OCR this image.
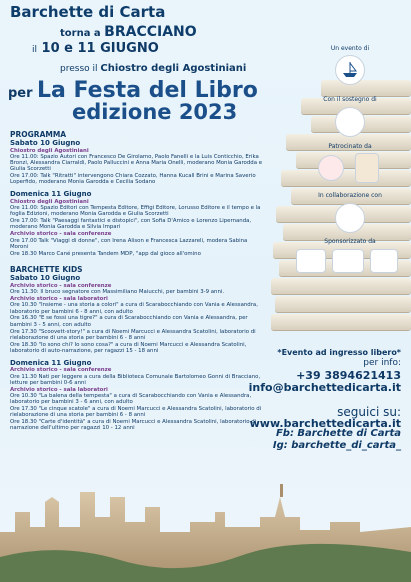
Barchette di Carta
torna a BRACCIANO
il 10 e 11 GIUGNO
presso il Chiostro degli Agostiniani
per La Festa del Libro
edizione 2023
PROGRAMMA
Sabato 10 Giugno
Chiostro degli Agostiniani
Ore 11.00: Spazio Autori con Francesco De Girolamo, Paolo Fanelli e la Luis Conticchio, Erika Bronzi, Alessandra Ciarraldi, Paolo Palluccini e Anna Maria Onelli, moderano Monia Garodda e Giulia Scorzetti
Ore 17.00: Talk "Ritratti" intervengono Chiara Cozzato, Hanna Kucall Brini e Marina Saverio Loperfido, moderano Monia Garodda e Cecilia Sodano
Domenica 11 Giugno
Chiostro degli Agostiniani
Ore 11.00: Spazio Editori con Tempesta Editore, Effigi Editore, Lorusso Editore e il tempo e la foglia Edizioni, moderano Monia Garodda e Giulia Scorzetti
Ore 17.00: Talk "Paesaggi fantastici e distopici", con Sofia D'Amico e Lorenzo Lipernanda, moderano Monia Garodda e Silvia Impari
Archivio storico - sala conferenze
Ore 17.00 Talk "Viaggi di donne", con Irena Alison e Francesca Lazzareli, modera Sabina Moroni
Ore 18.30 Marco Cané presenta Tandem MDP, "app dal gioco all'omino
BARCHETTE KIDS
Sabato 10 Giugno
Archivio storico - sala conferenze
Ore 11.30: Il bruco segnatore con Massimiliano Maiucchi, per bambini 3-9 anni.
Archivio storico - sala laboratori
Ore 10.30 "Insieme - una storia a colori" a cura di Scarabocchiando con Vania e Alessandra, laboratorio per bambini 6 - 8 anni, con adulto
Ore 16.30 "E se fossi una tigre?" a cura di Scarabocchiando con Vania e Alessandra, per bambini 3 - 5 anni, con adulto
Ore 17.30 "Scoovett-story!" a cura di Noemi Marcucci e Alessandra Scatolini, laboratorio di rielaborazione di una storia per bambini 6 - 8 anni
Ore 18.30 "Io sono chi? Io sono cosa?" a cura di Noemi Marcucci e Alessandra Scatolini, laboratorio di auto-narrazione, per ragazzi 15 - 18 anni
Domenica 11 Giugno
Archivio storico - sala conferenze
Ore 11.30 Nati per leggere a cura della Biblioteca Comunale Bartolomeo Gonni di Bracciano, letture per bambini 0-6 anni
Archivio storico - sala laboratori
Ore 10.30 "La balena della tempesta" a cura di Scarabocchiando con Vania e Alessandra, laboratorio per bambini 3 - 6 anni, con adulto
Ore 17.30 "Le cinque scatole" a cura di Noemi Marcucci e Alessandra Scatolini, laboratorio di rielaborazione di una storia per bambini 6 - 8 anni
Ore 18.30 "Carte d'identità" a cura di Noemi Marcucci e Alessandra Scatolini, laboratorio di narrazione dell'ultimo per ragazzi 10 - 12 anni
Un evento di
Con il sostegno di
Patrocinato da
In collaborazione con
Sponsorizzato da
*Evento ad ingresso libero*
per info:
+39 3894621413
info@barchettedicarta.it
seguici su:
www.barchettedicarta.it
Fb: Barchette di Carta
Ig: barchette_di_carta_
